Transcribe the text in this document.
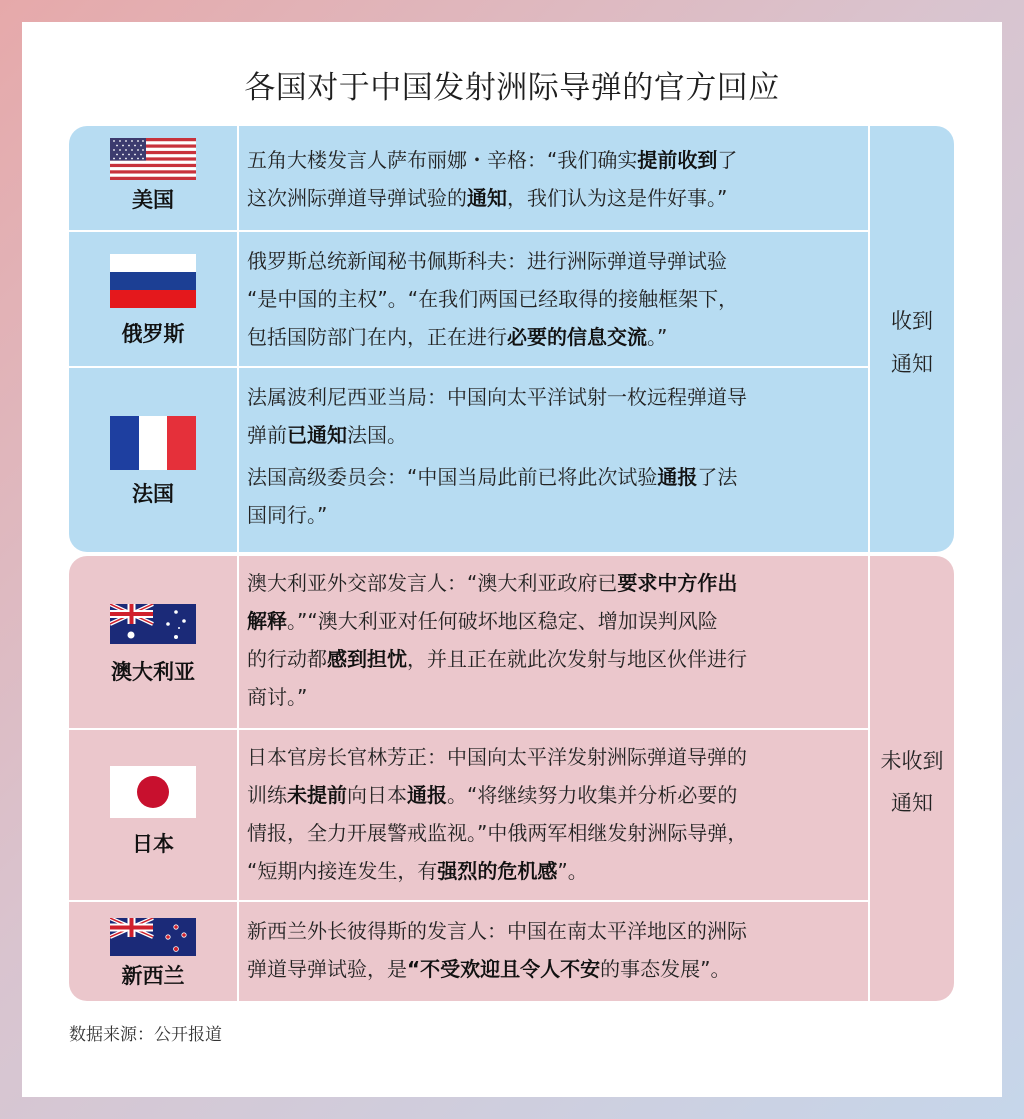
各国对于中国发射洲际导弹的官方回应
美国

五角大楼发言人萨布丽娜・辛格：“我们确实提前收到了

这次洲际弹道导弹试验的通知，我们认为这是件好事。”

俄罗斯

俄罗斯总统新闻秘书佩斯科夫：进行洲际弹道导弹试验

“是中国的主权”。“在我们两国已经取得的接触框架下，

包括国防部门在内，正在进行必要的信息交流。”

法国

法属波利尼西亚当局：中国向太平洋试射一枚远程弹道导

弹前已通知法国。

法国高级委员会：“中国当局此前已将此次试验通报了法

国同行。”

收到
通知
澳大利亚

澳大利亚外交部发言人：“澳大利亚政府已要求中方作出

解释。”“澳大利亚对任何破坏地区稳定、增加误判风险

的行动都感到担忧，并且正在就此次发射与地区伙伴进行

商讨。”

日本

日本官房长官林芳正：中国向太平洋发射洲际弹道导弹的

训练未提前向日本通报。“将继续努力收集并分析必要的

情报，全力开展警戒监视。”中俄两军相继发射洲际导弹，

“短期内接连发生，有强烈的危机感”。

新西兰

新西兰外长彼得斯的发言人：中国在南太平洋地区的洲际

弹道导弹试验，是“不受欢迎且令人不安的事态发展”。

未收到
通知
数据来源：公开报道
